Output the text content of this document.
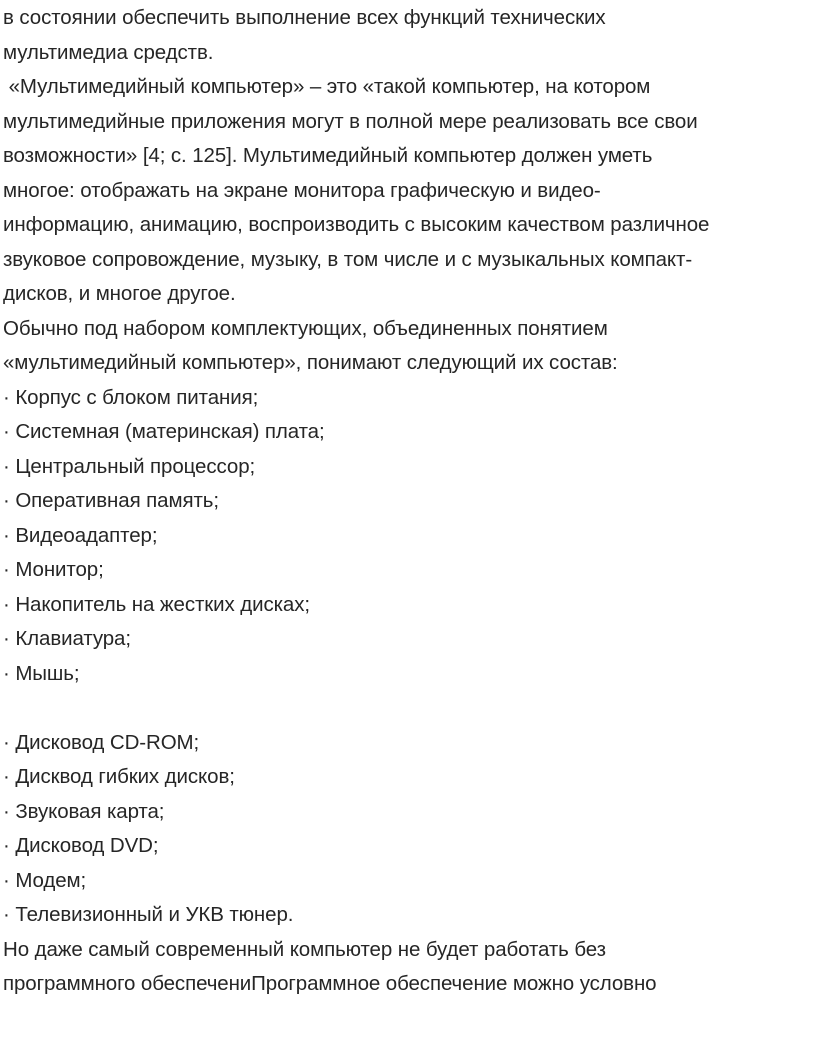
в состоянии обеспечить выполнение всех функций технических

мультимедиа средств.

«Мультимедийный компьютер» – это «такой компьютер, на котором

мультимедийные приложения могут в полной мере реализовать все свои

возможности» [4; с. 125]. Мультимедийный компьютер должен уметь

многое: отображать на экране монитора графическую и видео-

информацию, анимацию, воспроизводить с высоким качеством различное

звуковое сопровождение, музыку, в том числе и с музыкальных компакт-

дисков, и многое другое.

Обычно под набором комплектующих, объединенных понятием

«мультимедийный компьютер», понимают следующий их состав:

· Корпус с блоком питания;

· Системная (материнская) плата;

· Центральный процессор;

· Оперативная память;

· Видеоадаптер;

· Монитор;

· Накопитель на жестких дисках;

· Клавиатура;

· Мышь;

· Дисковод CD-ROM;

· Дисквод гибких дисков;

· Звуковая карта;

· Дисковод DVD;

· Модем;

· Телевизионный и УКВ тюнер.

Но даже самый современный компьютер не будет работать без

программного обеспечениПрограммное обеспечение можно условно
